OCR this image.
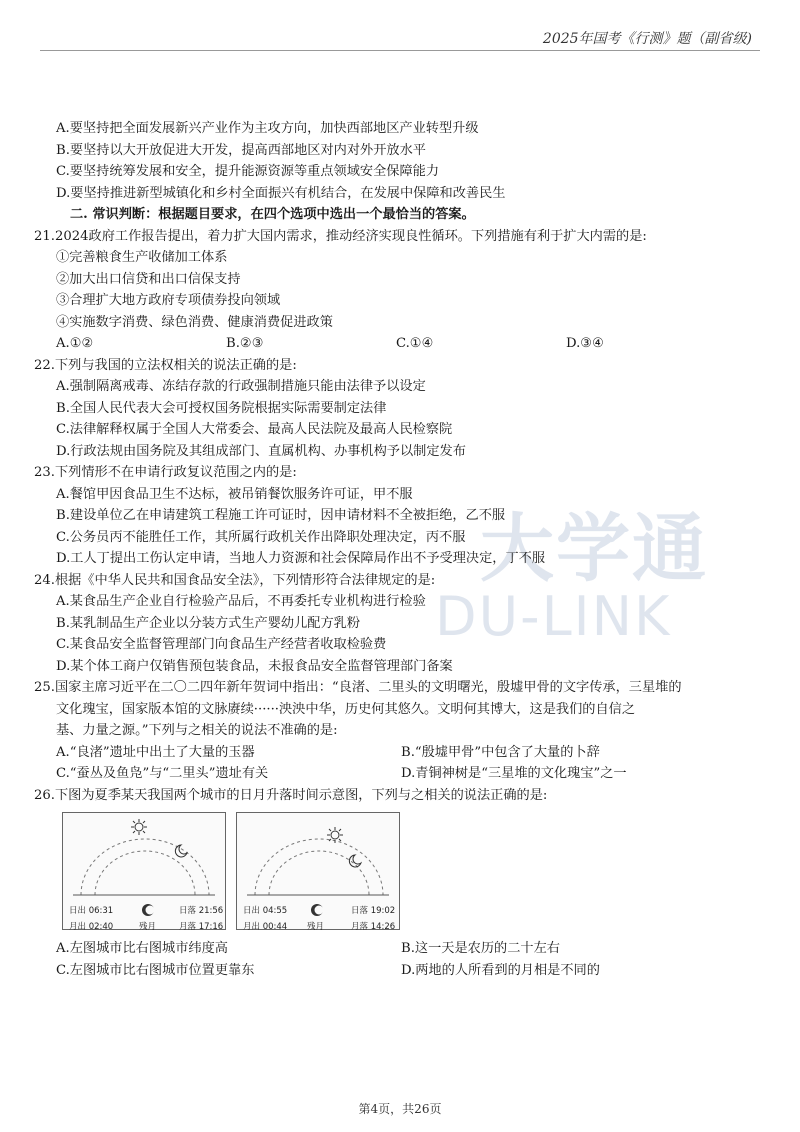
2025年国考《行测》题（副省级)
大学通
DU-LINK
A.要坚持把全面发展新兴产业作为主攻方向，加快西部地区产业转型升级
B.要坚持以大开放促进大开发，提高西部地区对内对外开放水平
C.要坚持统筹发展和安全，提升能源资源等重点领域安全保障能力
D.要坚持推进新型城镇化和乡村全面振兴有机结合，在发展中保障和改善民生
二. 常识判断：根据题目要求，在四个选项中选出一个最恰当的答案。
21.2024政府工作报告提出，着力扩大国内需求，推动经济实现良性循环。下列措施有利于扩大内需的是:
①完善粮食生产收储加工体系
②加大出口信贷和出口信保支持
③合理扩大地方政府专项债券投向领域
④实施数字消费、绿色消费、健康消费促进政策
A.①②	B.②③	C.①④	D.③④
22.下列与我国的立法权相关的说法正确的是:
A.强制隔离戒毒、冻结存款的行政强制措施只能由法律予以设定
B.全国人民代表大会可授权国务院根据实际需要制定法律
C.法律解释权属于全国人大常委会、最高人民法院及最高人民检察院
D.行政法规由国务院及其组成部门、直属机构、办事机构予以制定发布
23.下列情形不在申请行政复议范围之内的是:
A.餐馆甲因食品卫生不达标，被吊销餐饮服务许可证，甲不服
B.建设单位乙在申请建筑工程施工许可证时，因申请材料不全被拒绝，乙不服
C.公务员丙不能胜任工作，其所属行政机关作出降职处理决定，丙不服
D.工人丁提出工伤认定申请，当地人力资源和社会保障局作出不予受理决定，丁不服
24.根据《中华人民共和国食品安全法》，下列情形符合法律规定的是:
A.某食品生产企业自行检验产品后，不再委托专业机构进行检验
B.某乳制品生产企业以分装方式生产婴幼儿配方乳粉
C.某食品安全监督管理部门向食品生产经营者收取检验费
D.某个体工商户仅销售预包装食品，未报食品安全监督管理部门备案
25.国家主席习近平在二〇二四年新年贺词中指出：“良渚、二里头的文明曙光，殷墟甲骨的文字传承，三星堆的
文化瑰宝，国家版本馆的文脉赓续······泱泱中华，历史何其悠久。文明何其博大，这是我们的自信之
基、力量之源。”下列与之相关的说法不准确的是:
A.“良渚”遗址中出土了大量的玉器	B.“殷墟甲骨”中包含了大量的卜辞
C.“蚕丛及鱼凫”与“二里头”遗址有关	D.青铜神树是“三星堆的文化瑰宝”之一
26.下图为夏季某天我国两个城市的日月升落时间示意图，下列与之相关的说法正确的是:
日出 06:31	日落 21:56
月出 02:40	残月	月落 17:16
日出 04:55	日落 19:02
月出 00:44 残月	月落 14:26
A.左图城市比右图城市纬度高	B.这一天是农历的二十左右
C.左图城市比右图城市位置更靠东	D.两地的人所看到的月相是不同的
第4页，共26页
